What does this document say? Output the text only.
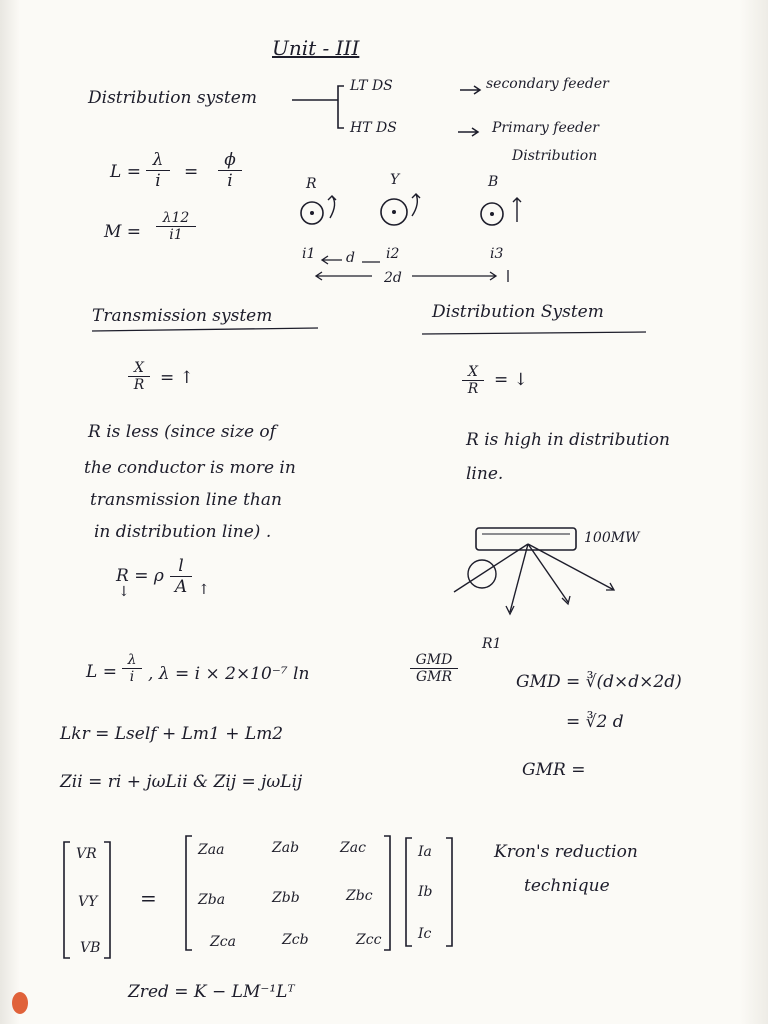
Unit - III
Distribution system
LT DS	secondary feeder
HT DS	Primary feeder
Distribution
$L = \frac{\lambda}{i} = \frac{\phi}{i}$
$M = \frac{\lambda 12}{i1}$
R	Y	B
i1	i2	i3
d
2d
Transmission system	Distribution System
$\frac{X}{R}$ = ↑	$\frac{X}{R}$ = ↓
R is less (since size of
the conductor is more in
transmission line than
in distribution line) .
R is high in distribution
line.
R = ρ $\frac{l}{A}$
↓	↑
100MW
R1
$L = \frac{\lambda}{i}$ , λ = i × 2×10⁻⁷ ln
GMD
GMR	GMD = ∛(d×d×2d)
= ∛2 d
GMR =
Lkr = Lself + Lm1 + Lm2
Zii = ri + jωLii & Zij = jωLij
VR
VY
VB
=
Zaa	Zab	Zac
Zba	Zbb	Zbc
Zca	Zcb	Zcc
Ia
Ib
Ic
Kron's reduction
technique
Zred = K − LM⁻¹Lᵀ
